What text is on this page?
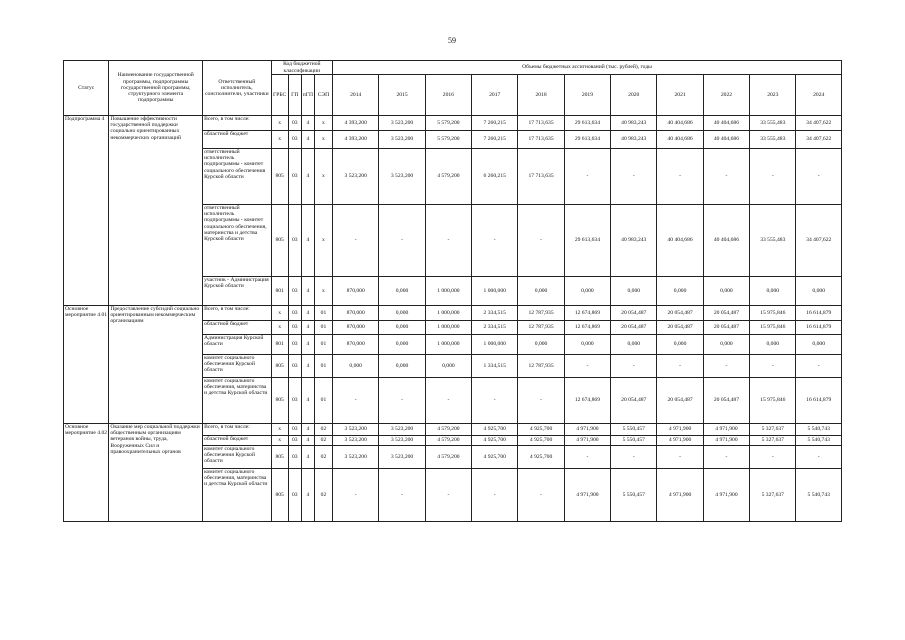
59
Статус	Наименование государственной программы, подпрограммы государственной программы, структурного элемента подпрограммы	Ответственный исполнитель, соисполнители, участники	Код бюджетной классификации				Объемы бюджетных ассигнований (тыс. рублей), годы										
			ГРБС	ГП	пГП	СЭП	2014	2015	2016	2017	2018	2019	2020	2021	2022	2023	2024
Подпрограмма 4	Повышение эффективности государственной поддержки социально ориентированных некоммерческих организаций	Всего, в том числе:	х	03	4	х	4 393,200	3 523,200	5 579,200	7 260,215	17 713,635	29 613,634	40 983,243	40 404,686	40 404,686	33 555,483	34 407,622
		областной бюджет	х	03	4	х	4 393,200	3 523,200	5 579,200	7 260,215	17 713,635	29 613,634	40 983,243	40 404,686	40 404,686	33 555,483	34 407,622
		ответственный исполнитель подпрограммы - комитет социального обеспечения Курской области	805	03	4	х	3 523,200	3 523,200	4 579,200	6 260,215	17 713,635	-	-	-	-	-	-
		ответственный исполнитель подпрограммы - комитет социального обеспечения, материнства и детства Курской области	805	03	4	х	-	-	-	-	-	29 613,634	40 983,243	40 404,686	40 404,686	33 555,483	34 407,622
		участник - Администрация Курской области	801	03	4	х	870,000	0,000	1 000,000	1 000,000	0,000	0,000	0,000	0,000	0,000	0,000	0,000
Основное мероприятие 4.01	Предоставление субсидий социально ориентированным некоммерческим организациям	Всего, в том числе:	х	03	4	01	870,000	0,000	1 000,000	2 334,515	12 787,935	12 674,869	20 054,487	20 054,487	20 054,487	15 975,846	16 614,879
		областной бюджет	х	03	4	01	870,000	0,000	1 000,000	2 334,515	12 787,935	12 674,869	20 054,487	20 054,487	20 054,487	15 975,846	16 614,879
		Администрация Курской области	801	03	4	01	870,000	0,000	1 000,000	1 000,000	0,000	0,000	0,000	0,000	0,000	0,000	0,000
		комитет социального обеспечения Курской области	805	03	4	01	0,000	0,000	0,000	1 334,515	12 787,935	-	-	-	-	-	-
		комитет социального обеспечения, материнства и детства Курской области	805	03	4	01	-	-	-	-	-	12 674,869	20 054,487	20 054,487	20 054,487	15 975,846	16 614,879
Основное мероприятие 4.02	Оказание мер социальной поддержки общественным организациям ветеранов войны, труда, Вооруженных Сил и правоохранительных органов	Всего, в том числе:	х	03	4	02	3 523,200	3 523,200	4 579,200	4 925,700	4 925,700	4 971,900	5 550,457	4 971,900	4 971,900	5 327,637	5 540,743
		областной бюджет	х	03	4	02	3 523,200	3 523,200	4 579,200	4 925,700	4 925,700	4 971,900	5 550,457	4 971,900	4 971,900	5 327,637	5 540,743
		комитет социального обеспечения Курской области	805	03	4	02	3 523,200	3 523,200	4 579,200	4 925,700	4 925,700	-	-	-	-	-	-
		комитет социального обеспечения, материнства и детства Курской области	805	03	4	02	-	-	-	-	-	4 971,900	5 550,457	4 971,900	4 971,900	5 327,637	5 540,743
